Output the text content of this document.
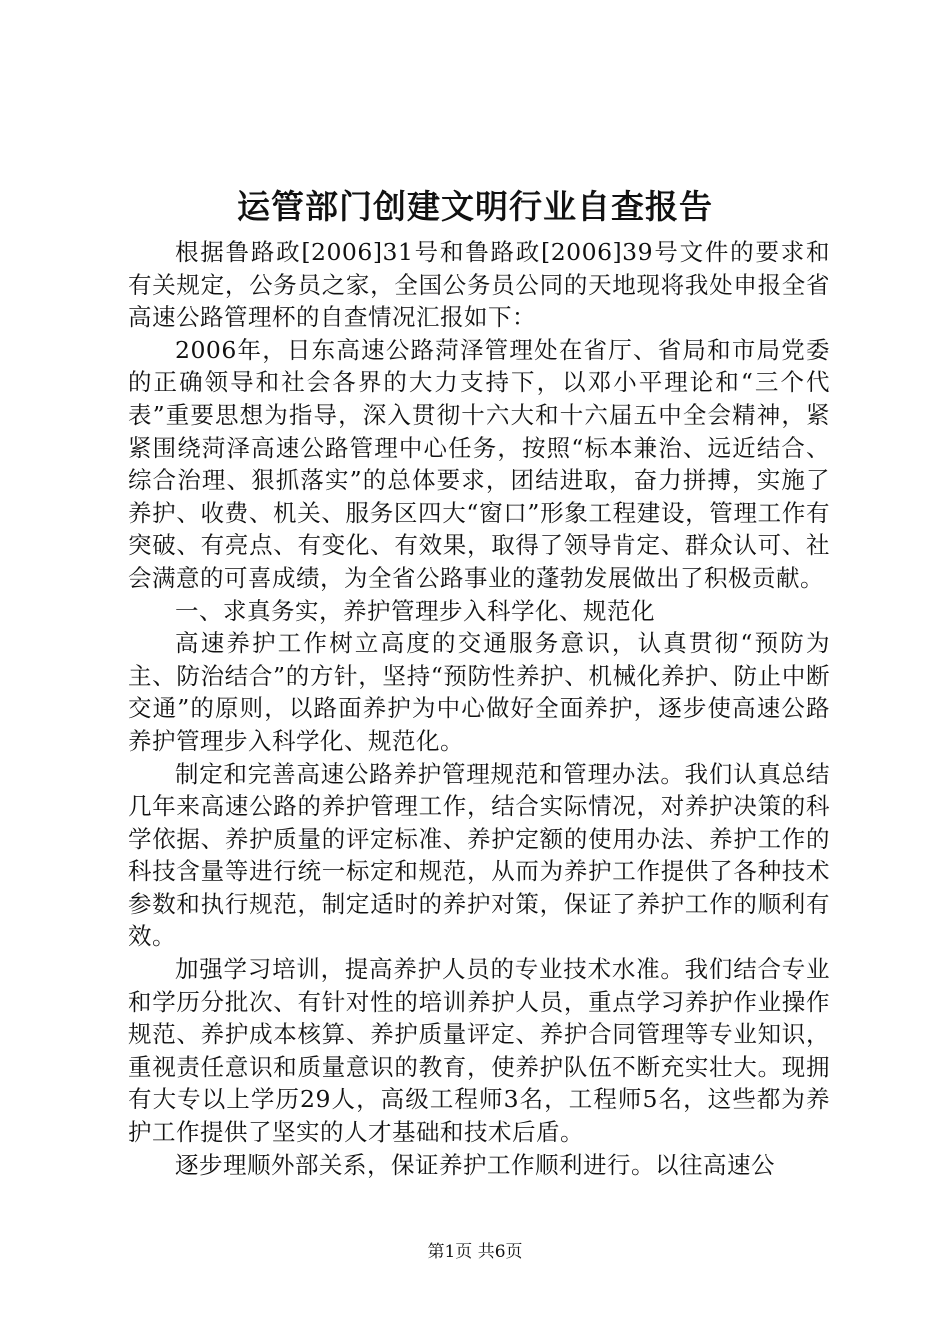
运管部门创建文明行业自查报告

根据鲁路政[2006]31号和鲁路政[2006]39号文件的要求和有关规定，公务员之家，全国公务员公同的天地现将我处申报全省高速公路管理杯的自查情况汇报如下：

2006年，日东高速公路菏泽管理处在省厅、省局和市局党委的正确领导和社会各界的大力支持下，以邓小平理论和“三个代表”重要思想为指导，深入贯彻十六大和十六届五中全会精神，紧紧围绕菏泽高速公路管理中心任务，按照“标本兼治、远近结合、综合治理、狠抓落实”的总体要求，团结进取，奋力拼搏，实施了养护、收费、机关、服务区四大“窗口”形象工程建设，管理工作有突破、有亮点、有变化、有效果，取得了领导肯定、群众认可、社会满意的可喜成绩，为全省公路事业的蓬勃发展做出了积极贡献。

一、求真务实，养护管理步入科学化、规范化

高速养护工作树立高度的交通服务意识，认真贯彻“预防为主、防治结合”的方针，坚持“预防性养护、机械化养护、防止中断交通”的原则，以路面养护为中心做好全面养护，逐步使高速公路养护管理步入科学化、规范化。

制定和完善高速公路养护管理规范和管理办法。我们认真总结几年来高速公路的养护管理工作，结合实际情况，对养护决策的科学依据、养护质量的评定标准、养护定额的使用办法、养护工作的科技含量等进行统一标定和规范，从而为养护工作提供了各种技术参数和执行规范，制定适时的养护对策，保证了养护工作的顺利有效。

加强学习培训，提高养护人员的专业技术水准。我们结合专业和学历分批次、有针对性的培训养护人员，重点学习养护作业操作规范、养护成本核算、养护质量评定、养护合同管理等专业知识，重视责任意识和质量意识的教育，使养护队伍不断充实壮大。现拥有大专以上学历29人，高级工程师3名，工程师5名，这些都为养护工作提供了坚实的人才基础和技术后盾。

逐步理顺外部关系，保证养护工作顺利进行。以往高速公

第1页 共6页
